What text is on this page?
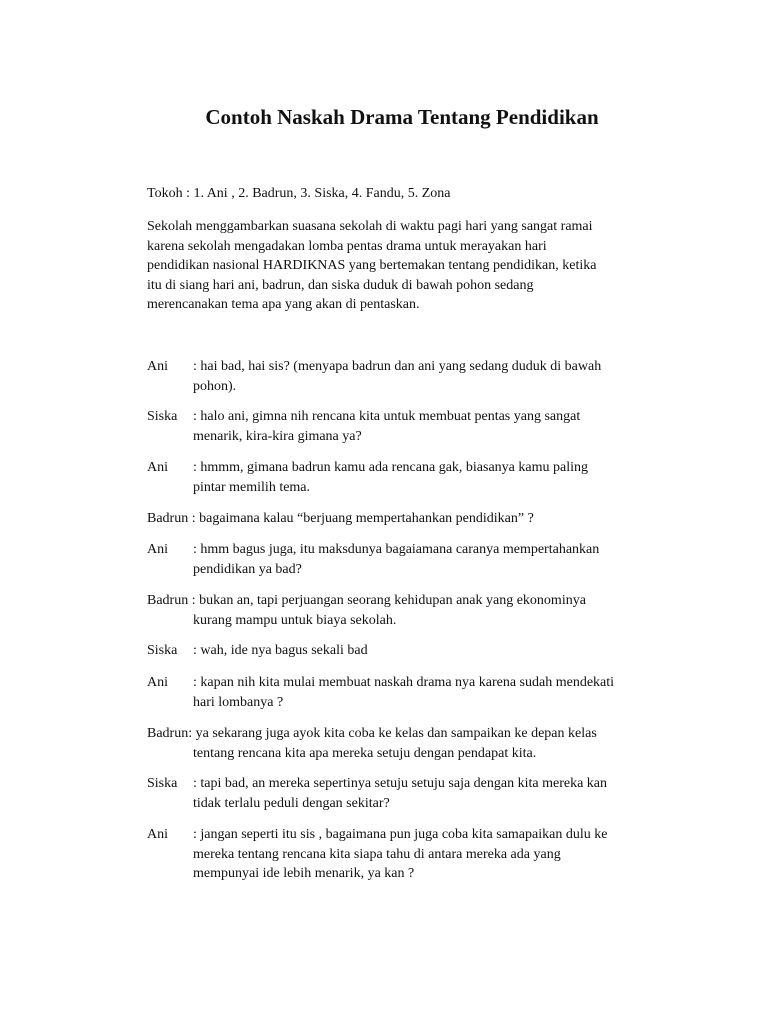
Contoh Naskah Drama Tentang Pendidikan
Tokoh : 1. Ani , 2. Badrun, 3. Siska, 4. Fandu, 5. Zona
Sekolah menggambarkan suasana sekolah di waktu pagi hari yang sangat ramai
karena sekolah mengadakan lomba pentas drama untuk merayakan hari
pendidikan nasional HARDIKNAS yang bertemakan tentang pendidikan, ketika
itu di siang hari ani, badrun, dan siska duduk di bawah pohon sedang
merencanakan tema apa yang akan di pentaskan.
Ani : hai bad, hai sis? (menyapa badrun dan ani yang sedang duduk di bawah
pohon).
Siska : halo ani, gimna nih rencana kita untuk membuat pentas yang sangat
menarik, kira-kira gimana ya?
Ani : hmmm, gimana badrun kamu ada rencana gak, biasanya kamu paling
pintar memilih tema.
Badrun : bagaimana kalau “berjuang mempertahankan pendidikan” ?
Ani : hmm bagus juga, itu maksdunya bagaiamana caranya mempertahankan
pendidikan ya bad?
Badrun : bukan an, tapi perjuangan seorang kehidupan anak yang ekonominya
kurang mampu untuk biaya sekolah.
Siska : wah, ide nya bagus sekali bad
Ani : kapan nih kita mulai membuat naskah drama nya karena sudah mendekati
hari lombanya ?
Badrun: ya sekarang juga ayok kita coba ke kelas dan sampaikan ke depan kelas
tentang rencana kita apa mereka setuju dengan pendapat kita.
Siska : tapi bad, an mereka sepertinya setuju setuju saja dengan kita mereka kan
tidak terlalu peduli dengan sekitar?
Ani : jangan seperti itu sis , bagaimana pun juga coba kita samapaikan dulu ke
mereka tentang rencana kita siapa tahu di antara mereka ada yang
mempunyai ide lebih menarik, ya kan ?
